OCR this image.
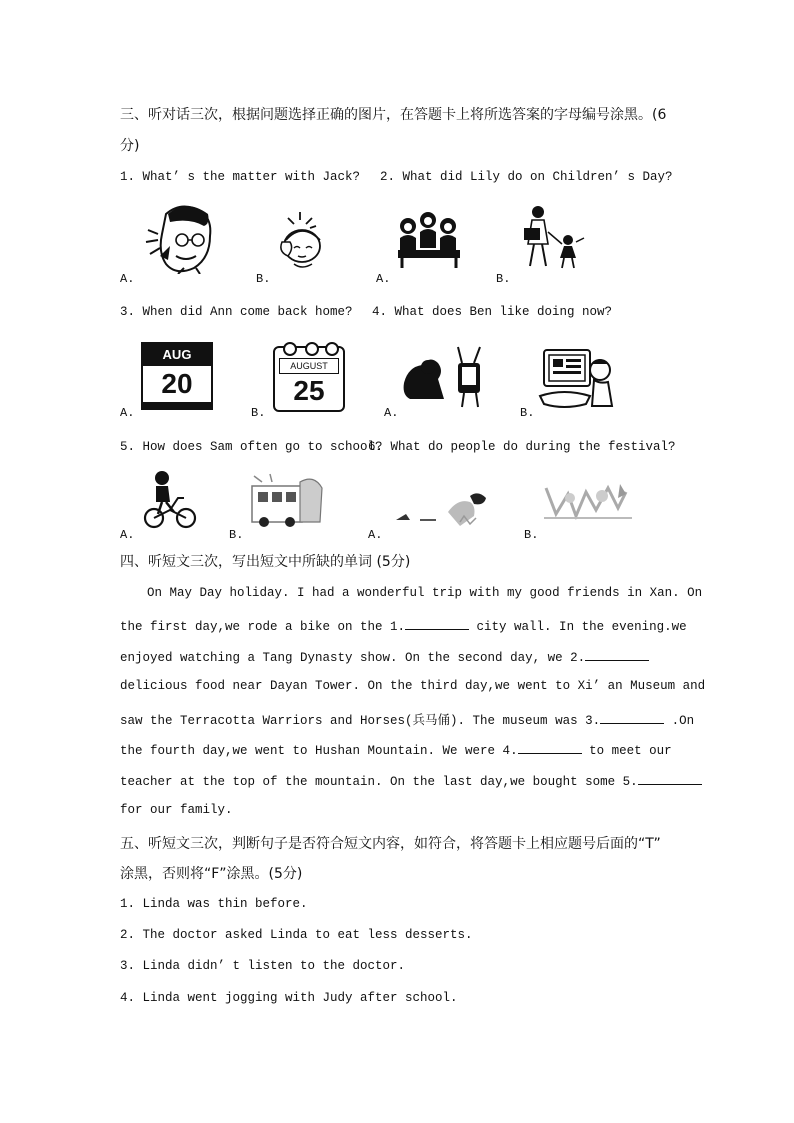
三、听对话三次，根据问题选择正确的图片，在答题卡上将所选答案的字母编号涂黑。(6
分)
1. What’ s the matter with Jack? 2. What did Lily do on Children’ s Day?
A.	B.	A.	B.
3. When did Ann come back home? 4. What does Ben like doing now?
AUG
20
A.
AUGUST
25
B.	A.	B.
5. How does Sam often go to school?
6. What do people do during the festival?
A.	B.	A.	B.
四、听短文三次，写出短文中所缺的单词 (5分)
On May Day holiday. I had a wonderful trip with my good friends in Xan. On
the first day,we rode a bike on the 1.	city wall. In the evening.we
enjoyed watching a Tang Dynasty show. On the second day, we 2.
delicious food near Dayan Tower. On the third day,we went to Xi’ an Museum and
saw the Terracotta Warriors and Horses(兵马俑). The museum was 3.	.On
the fourth day,we went to Hushan Mountain. We were 4.	to meet our
teacher at the top of the mountain. On the last day,we bought some 5.
for our family.
五、听短文三次，判断句子是否符合短文内容，如符合，将答题卡上相应题号后面的“T”
涂黑，否则将“F”涂黑。(5分)
1. Linda was thin before.
2. The doctor asked Linda to eat less desserts.
3. Linda didn’ t listen to the doctor.
4. Linda went jogging with Judy after school.
